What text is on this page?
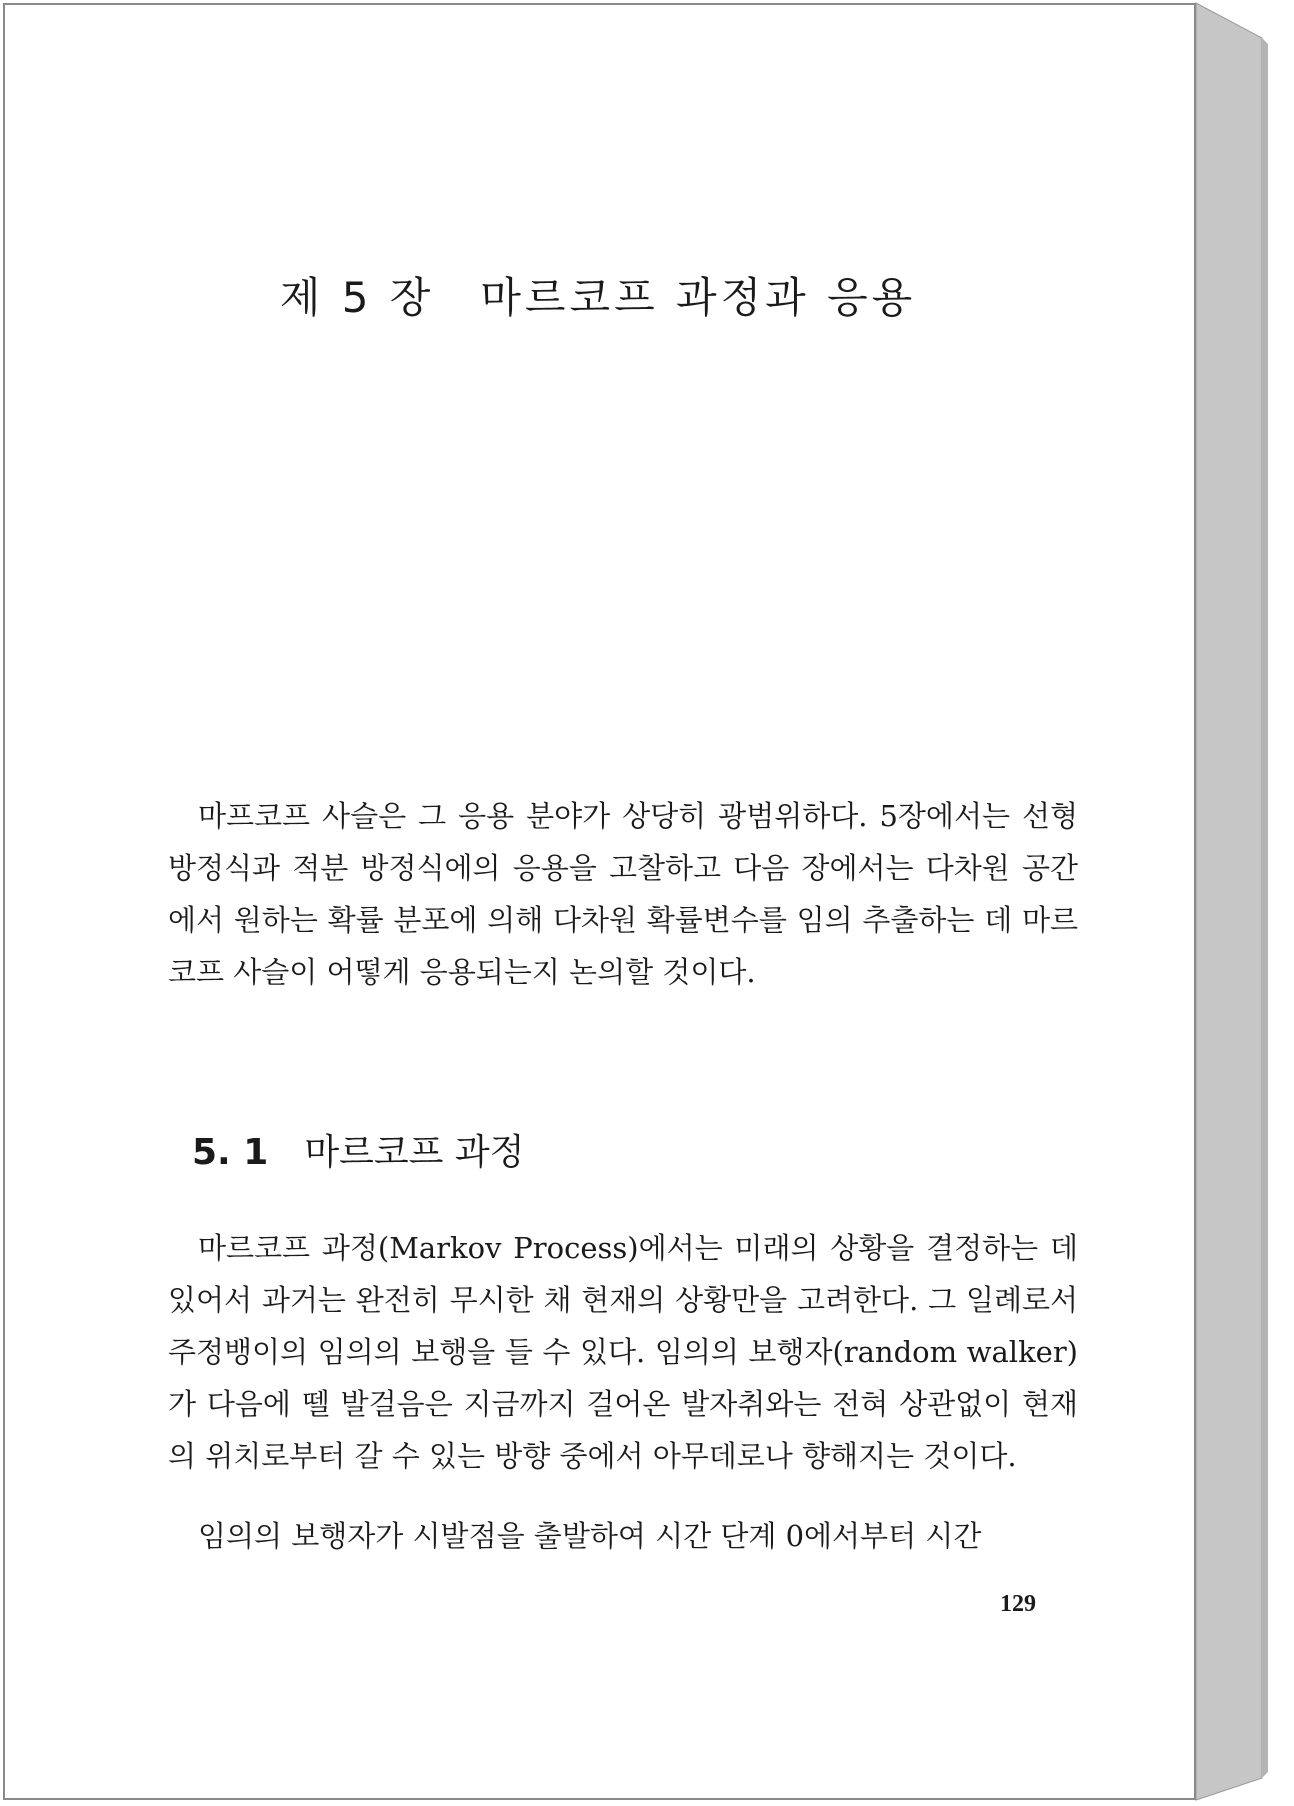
제 5 장 마르코프 과정과 응용

마프코프 사슬은 그 응용 분야가 상당히 광범위하다. 5장에서는 선형 방정식과 적분 방정식에의 응용을 고찰하고 다음 장에서는 다차원 공간에서 원하는 확률 분포에 의해 다차원 확률변수를 임의 추출하는 데 마르코프 사슬이 어떻게 응용되는지 논의할 것이다.

5. 1 마르코프 과정

마르코프 과정(Markov Process)에서는 미래의 상황을 결정하는 데 있어서 과거는 완전히 무시한 채 현재의 상황만을 고려한다. 그 일례로서 주정뱅이의 임의의 보행을 들 수 있다. 임의의 보행자(random walker)가 다음에 뗄 발걸음은 지금까지 걸어온 발자취와는 전혀 상관없이 현재의 위치로부터 갈 수 있는 방향 중에서 아무데로나 향해지는 것이다.

임의의 보행자가 시발점을 출발하여 시간 단계 0에서부터 시간

129
